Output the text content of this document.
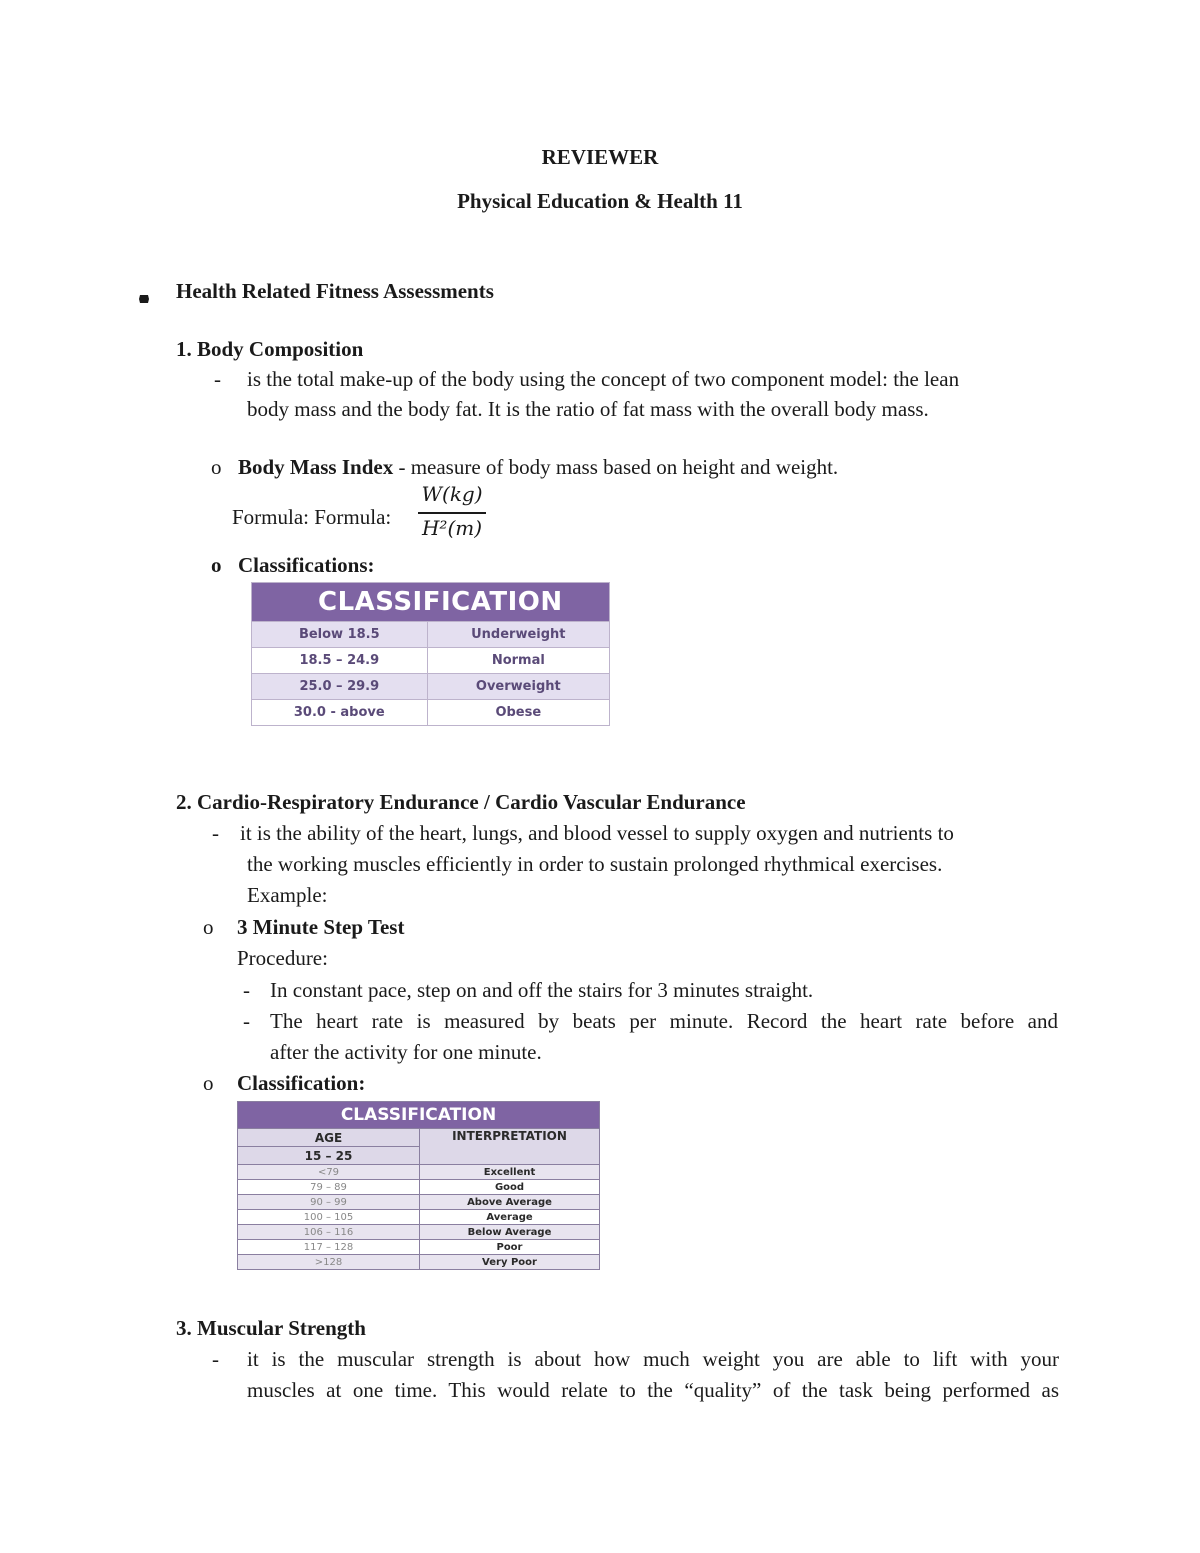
REVIEWER
Physical Education & Health 11
Health Related Fitness Assessments
1. Body Composition
- is the total make-up of the body using the concept of two component model: the lean
body mass and the body fat. It is the ratio of fat mass with the overall body mass.
o Body Mass Index - measure of body mass based on height and weight.
Formula: Formula:
W(kg)
H²(m)
o Classifications:
CLASSIFICATION	
Below 18.5	Underweight
18.5 – 24.9	Normal
25.0 – 29.9	Overweight
30.0 - above	Obese
2. Cardio-Respiratory Endurance / Cardio Vascular Endurance
- it is the ability of the heart, lungs, and blood vessel to supply oxygen and nutrients to
the working muscles efficiently in order to sustain prolonged rhythmical exercises.
Example:
o 3 Minute Step Test
Procedure:
- In constant pace, step on and off the stairs for 3 minutes straight.
- The heart rate is measured by beats per minute. Record the heart rate before and
after the activity for one minute.
o Classification:
CLASSIFICATION	
AGE	INTERPRETATION
15 – 25	
<79	Excellent
79 – 89	Good
90 – 99	Above Average
100 – 105	Average
106 – 116	Below Average
117 – 128	Poor
>128	Very Poor
3. Muscular Strength
- it is the muscular strength is about how much weight you are able to lift with your
muscles at one time. This would relate to the “quality” of the task being performed as
